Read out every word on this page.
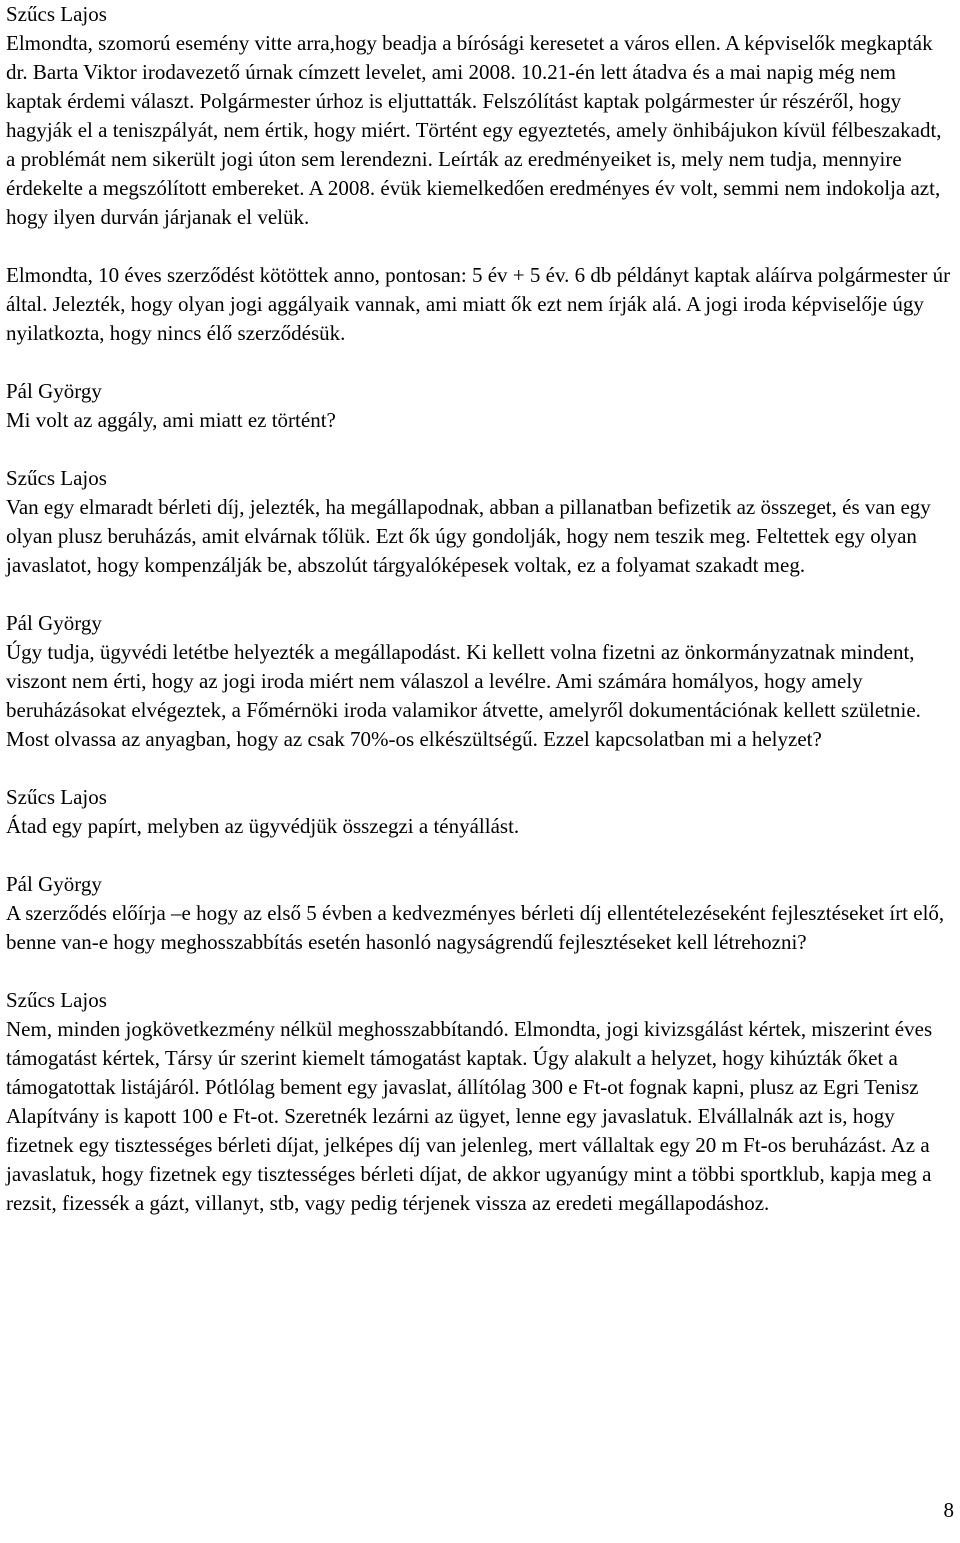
Szűcs Lajos

Elmondta, szomorú esemény vitte arra,hogy beadja a bírósági keresetet a város ellen. A képviselők megkapták dr. Barta Viktor irodavezető úrnak címzett levelet, ami 2008. 10.21-én lett átadva és a mai napig még nem kaptak érdemi választ. Polgármester úrhoz is eljuttatták. Felszólítást kaptak polgármester úr részéről, hogy hagyják el a teniszpályát, nem értik, hogy miért. Történt egy egyeztetés, amely önhibájukon kívül félbeszakadt, a problémát nem sikerült jogi úton sem lerendezni. Leírták az eredményeiket is, mely nem tudja, mennyire érdekelte a megszólított embereket. A 2008. évük kiemelkedően eredményes év volt, semmi nem indokolja azt, hogy ilyen durván járjanak el velük.

Elmondta, 10 éves szerződést kötöttek anno, pontosan: 5 év + 5 év. 6 db példányt kaptak aláírva polgármester úr által. Jelezték, hogy olyan jogi aggályaik vannak, ami miatt ők ezt nem írják alá. A jogi iroda képviselője úgy nyilatkozta, hogy nincs élő szerződésük.

Pál György

Mi volt az aggály, ami miatt ez történt?

Szűcs Lajos

Van egy elmaradt bérleti díj, jelezték, ha megállapodnak, abban a pillanatban befizetik az összeget, és van egy olyan plusz beruházás, amit elvárnak tőlük. Ezt ők úgy gondolják, hogy nem teszik meg. Feltettek egy olyan javaslatot, hogy kompenzálják be, abszolút tárgyalóképesek voltak, ez a folyamat szakadt meg.

Pál György

Úgy tudja, ügyvédi letétbe helyezték a megállapodást. Ki kellett volna fizetni az önkormányzatnak mindent, viszont nem érti, hogy az jogi iroda miért nem válaszol a levélre. Ami számára homályos, hogy amely beruházásokat elvégeztek, a Főmérnöki iroda valamikor átvette, amelyről dokumentációnak kellett születnie. Most olvassa az anyagban, hogy az csak 70%-os elkészültségű. Ezzel kapcsolatban mi a helyzet?

Szűcs Lajos

Átad egy papírt, melyben az ügyvédjük összegzi a tényállást.

Pál György

A szerződés előírja –e hogy az első 5 évben a kedvezményes bérleti díj ellentételezéseként fejlesztéseket írt elő, benne van-e hogy meghosszabbítás esetén hasonló nagyságrendű fejlesztéseket kell létrehozni?

Szűcs Lajos

Nem, minden jogkövetkezmény nélkül meghosszabbítandó. Elmondta, jogi kivizsgálást kértek, miszerint éves támogatást kértek, Társy úr szerint kiemelt támogatást kaptak. Úgy alakult a helyzet, hogy kihúzták őket a támogatottak listájáról. Pótlólag bement egy javaslat, állítólag 300 e Ft-ot fognak kapni, plusz az Egri Tenisz Alapítvány is kapott 100 e Ft-ot. Szeretnék lezárni az ügyet, lenne egy javaslatuk. Elvállalnák azt is, hogy fizetnek egy tisztességes bérleti díjat, jelképes díj van jelenleg, mert vállaltak egy 20 m Ft-os beruházást. Az a javaslatuk, hogy fizetnek egy tisztességes bérleti díjat, de akkor ugyanúgy mint a többi sportklub, kapja meg a rezsit, fizessék a gázt, villanyt, stb, vagy pedig térjenek vissza az eredeti megállapodáshoz.

8
